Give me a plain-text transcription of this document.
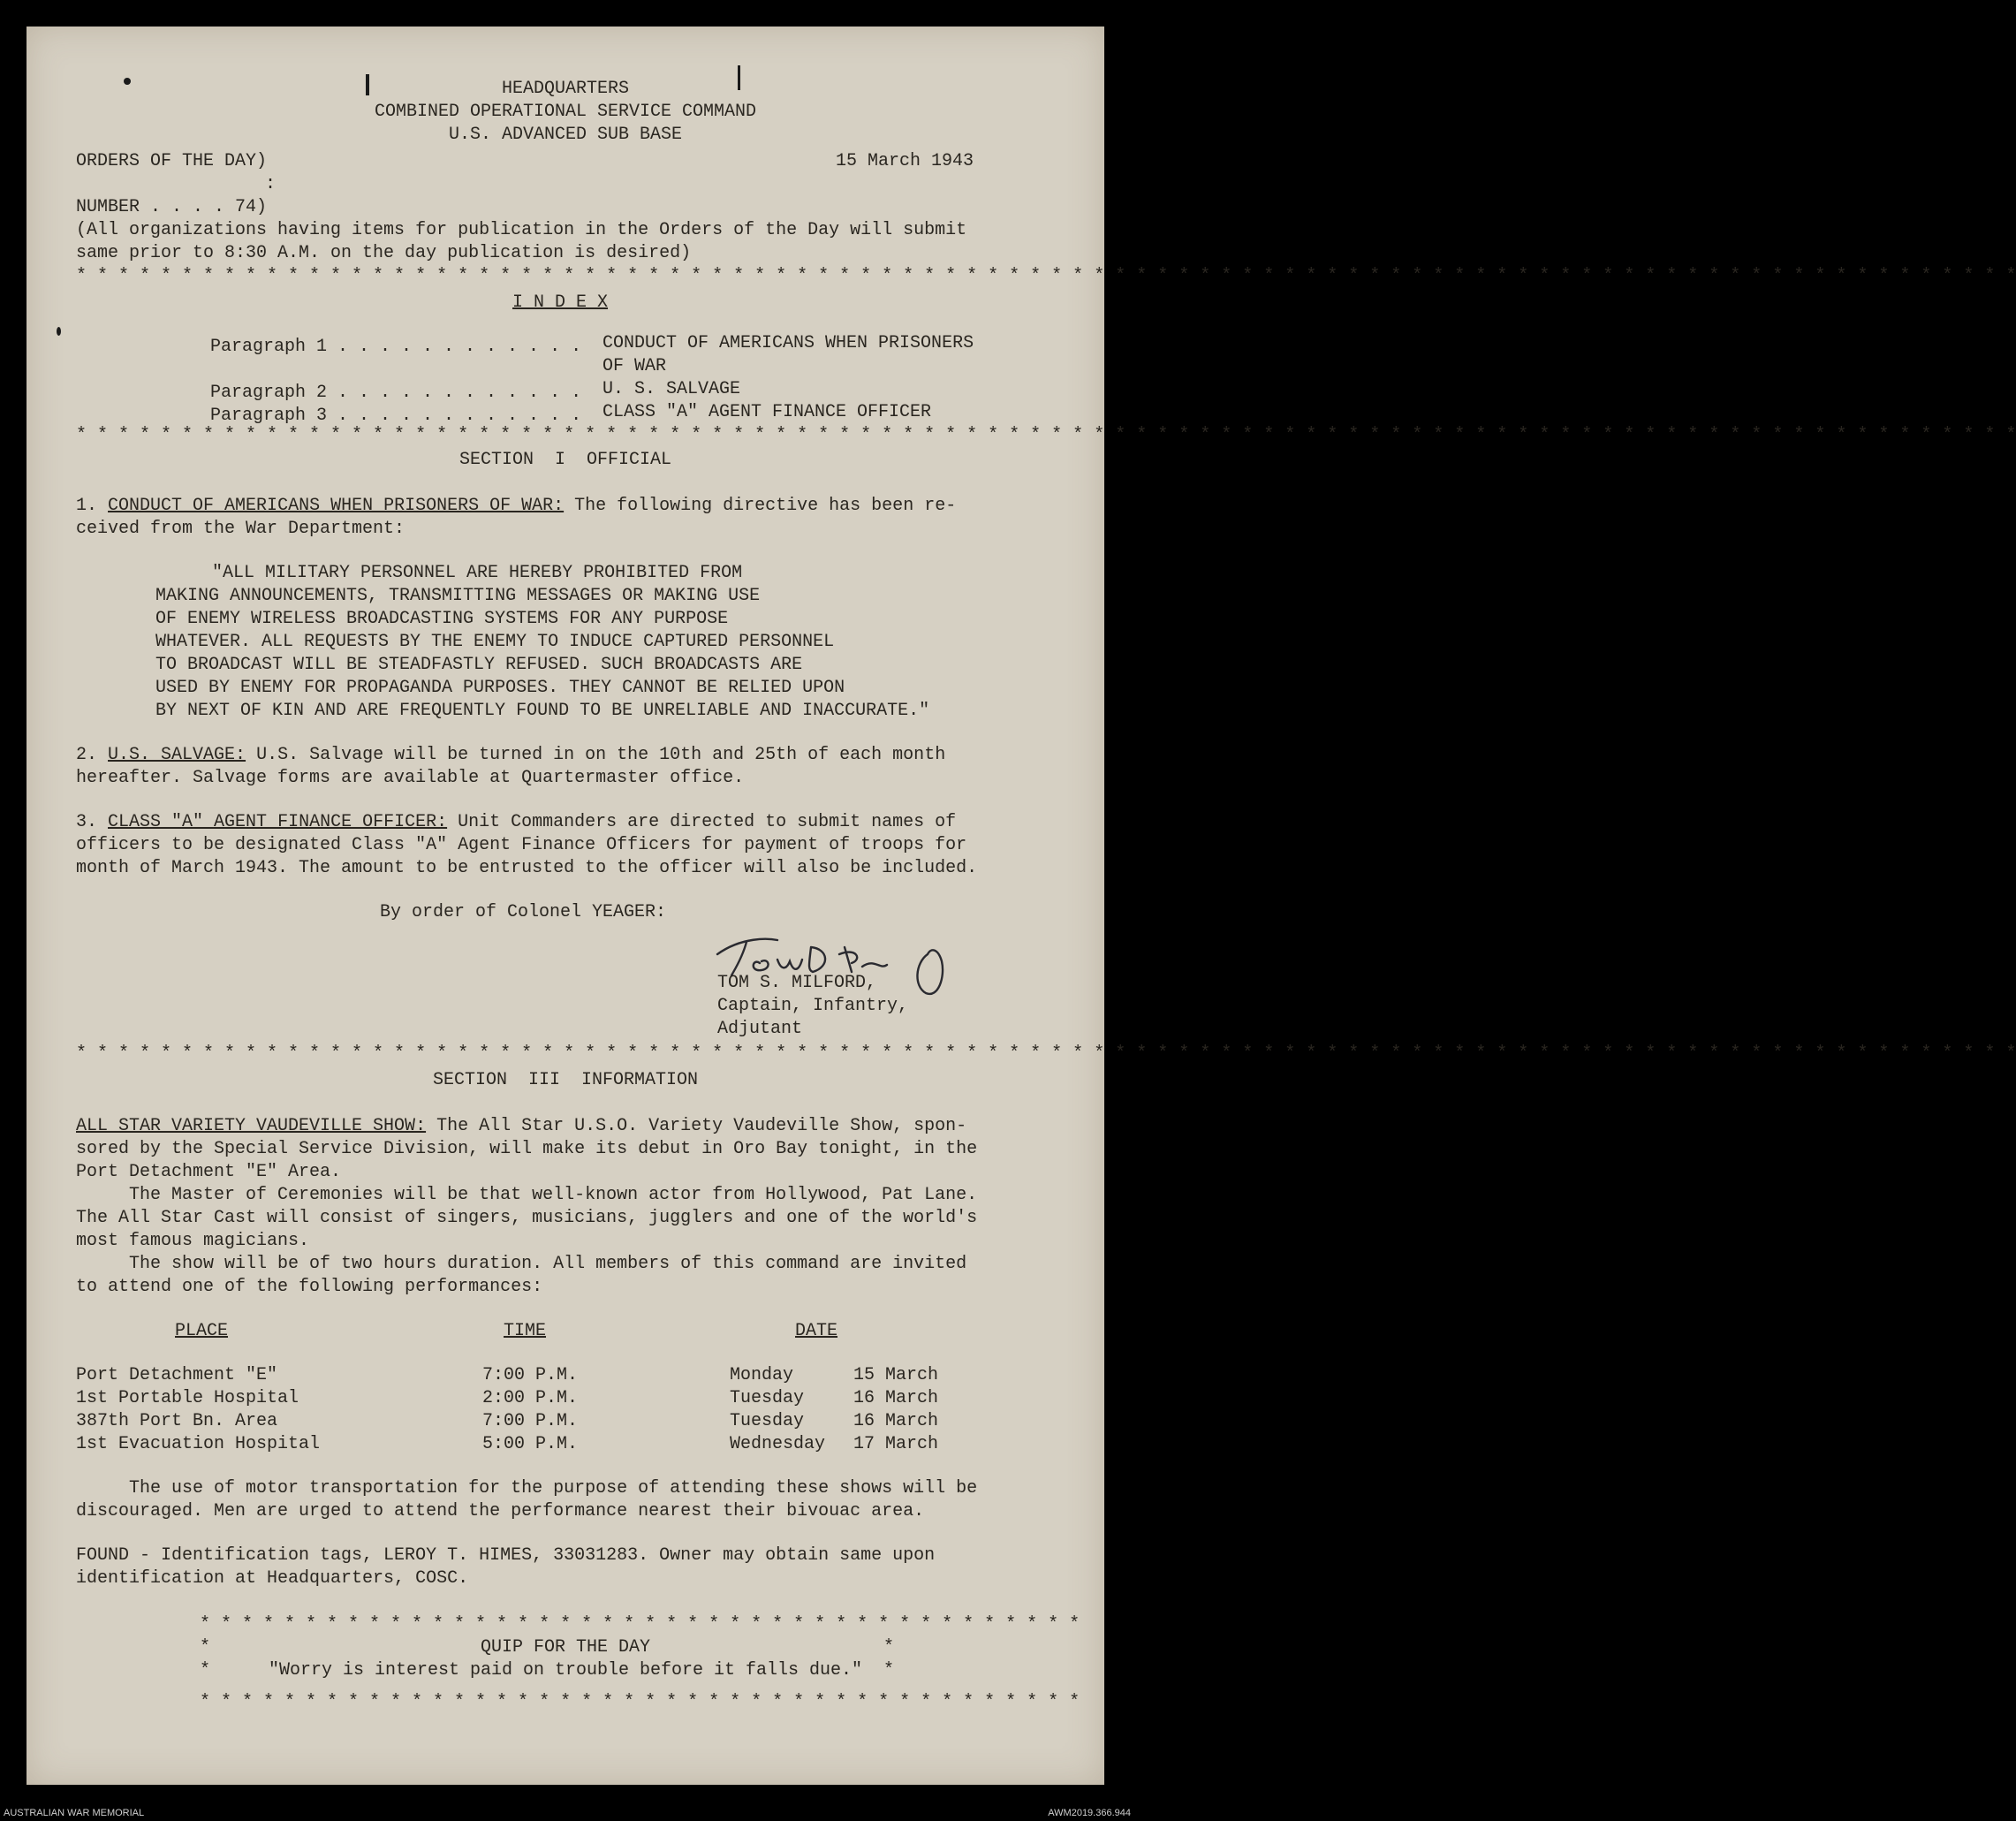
HEADQUARTERS
COMBINED OPERATIONAL SERVICE COMMAND
U.S. ADVANCED SUB BASE
ORDERS OF THE DAY)	15 March 1943
:
NUMBER . . . . 74)
(All organizations having items for publication in the Orders of the Day will submit
same prior to 8:30 A.M. on the day publication is desired)
* * * * * * * * * * * * * * * * * * * * * * * * * * * * * * * * * * * * * * * * * * * * * * * * * * * * * * * * * * * * * * * * * * * * * * * * * * * * * * * * * * * * * * * * * * * *
I N D E X
Paragraph 1 . . . . . . . . . . . . CONDUCT OF AMERICANS WHEN PRISONERS
OF WAR
Paragraph 2 . . . . . . . . . . . . U. S. SALVAGE
Paragraph 3 . . . . . . . . . . . . CLASS "A" AGENT FINANCE OFFICER
* * * * * * * * * * * * * * * * * * * * * * * * * * * * * * * * * * * * * * * * * * * * * * * * * * * * * * * * * * * * * * * * * * * * * * * * * * * * * * * * * * * * * * * * * * * *
SECTION  I  OFFICIAL
1. CONDUCT OF AMERICANS WHEN PRISONERS OF WAR: The following directive has been re-
ceived from the War Department:
"ALL MILITARY PERSONNEL ARE HEREBY PROHIBITED FROM
MAKING ANNOUNCEMENTS, TRANSMITTING MESSAGES OR MAKING USE
OF ENEMY WIRELESS BROADCASTING SYSTEMS FOR ANY PURPOSE
WHATEVER. ALL REQUESTS BY THE ENEMY TO INDUCE CAPTURED PERSONNEL
TO BROADCAST WILL BE STEADFASTLY REFUSED. SUCH BROADCASTS ARE
USED BY ENEMY FOR PROPAGANDA PURPOSES. THEY CANNOT BE RELIED UPON
BY NEXT OF KIN AND ARE FREQUENTLY FOUND TO BE UNRELIABLE AND INACCURATE."
2. U.S. SALVAGE: U.S. Salvage will be turned in on the 10th and 25th of each month
hereafter. Salvage forms are available at Quartermaster office.
3. CLASS "A" AGENT FINANCE OFFICER: Unit Commanders are directed to submit names of
officers to be designated Class "A" Agent Finance Officers for payment of troops for
month of March 1943. The amount to be entrusted to the officer will also be included.
By order of Colonel YEAGER:
TOM S. MILFORD,
Captain, Infantry,
Adjutant
* * * * * * * * * * * * * * * * * * * * * * * * * * * * * * * * * * * * * * * * * * * * * * * * * * * * * * * * * * * * * * * * * * * * * * * * * * * * * * * * * * * * * * * * * * * *
SECTION  III  INFORMATION
ALL STAR VARIETY VAUDEVILLE SHOW: The All Star U.S.O. Variety Vaudeville Show, spon-
sored by the Special Service Division, will make its debut in Oro Bay tonight, in the
Port Detachment "E" Area.
The Master of Ceremonies will be that well-known actor from Hollywood, Pat Lane.
The All Star Cast will consist of singers, musicians, jugglers and one of the world's
most famous magicians.
The show will be of two hours duration. All members of this command are invited
to attend one of the following performances:
PLACE	TIME	DATE
Port Detachment "E"	7:00 P.M.	Monday	15 March
1st Portable Hospital	2:00 P.M.	Tuesday	16 March
387th Port Bn. Area	7:00 P.M.	Tuesday	16 March
1st Evacuation Hospital	5:00 P.M.	Wednesday 17 March
The use of motor transportation for the purpose of attending these shows will be
discouraged. Men are urged to attend the performance nearest their bivouac area.
FOUND - Identification tags, LEROY T. HIMES, 33031283. Owner may obtain same upon
identification at Headquarters, COSC.
* * * * * * * * * * * * * * * * * * * * * * * * * * * * * * * * * * * * * * * * * *
*	*
QUIP FOR THE DAY
"Worry is interest paid on trouble before it falls due."
*	*
* * * * * * * * * * * * * * * * * * * * * * * * * * * * * * * * * * * * * * * * * *
AUSTRALIAN WAR MEMORIAL	AWM2019.366.944
